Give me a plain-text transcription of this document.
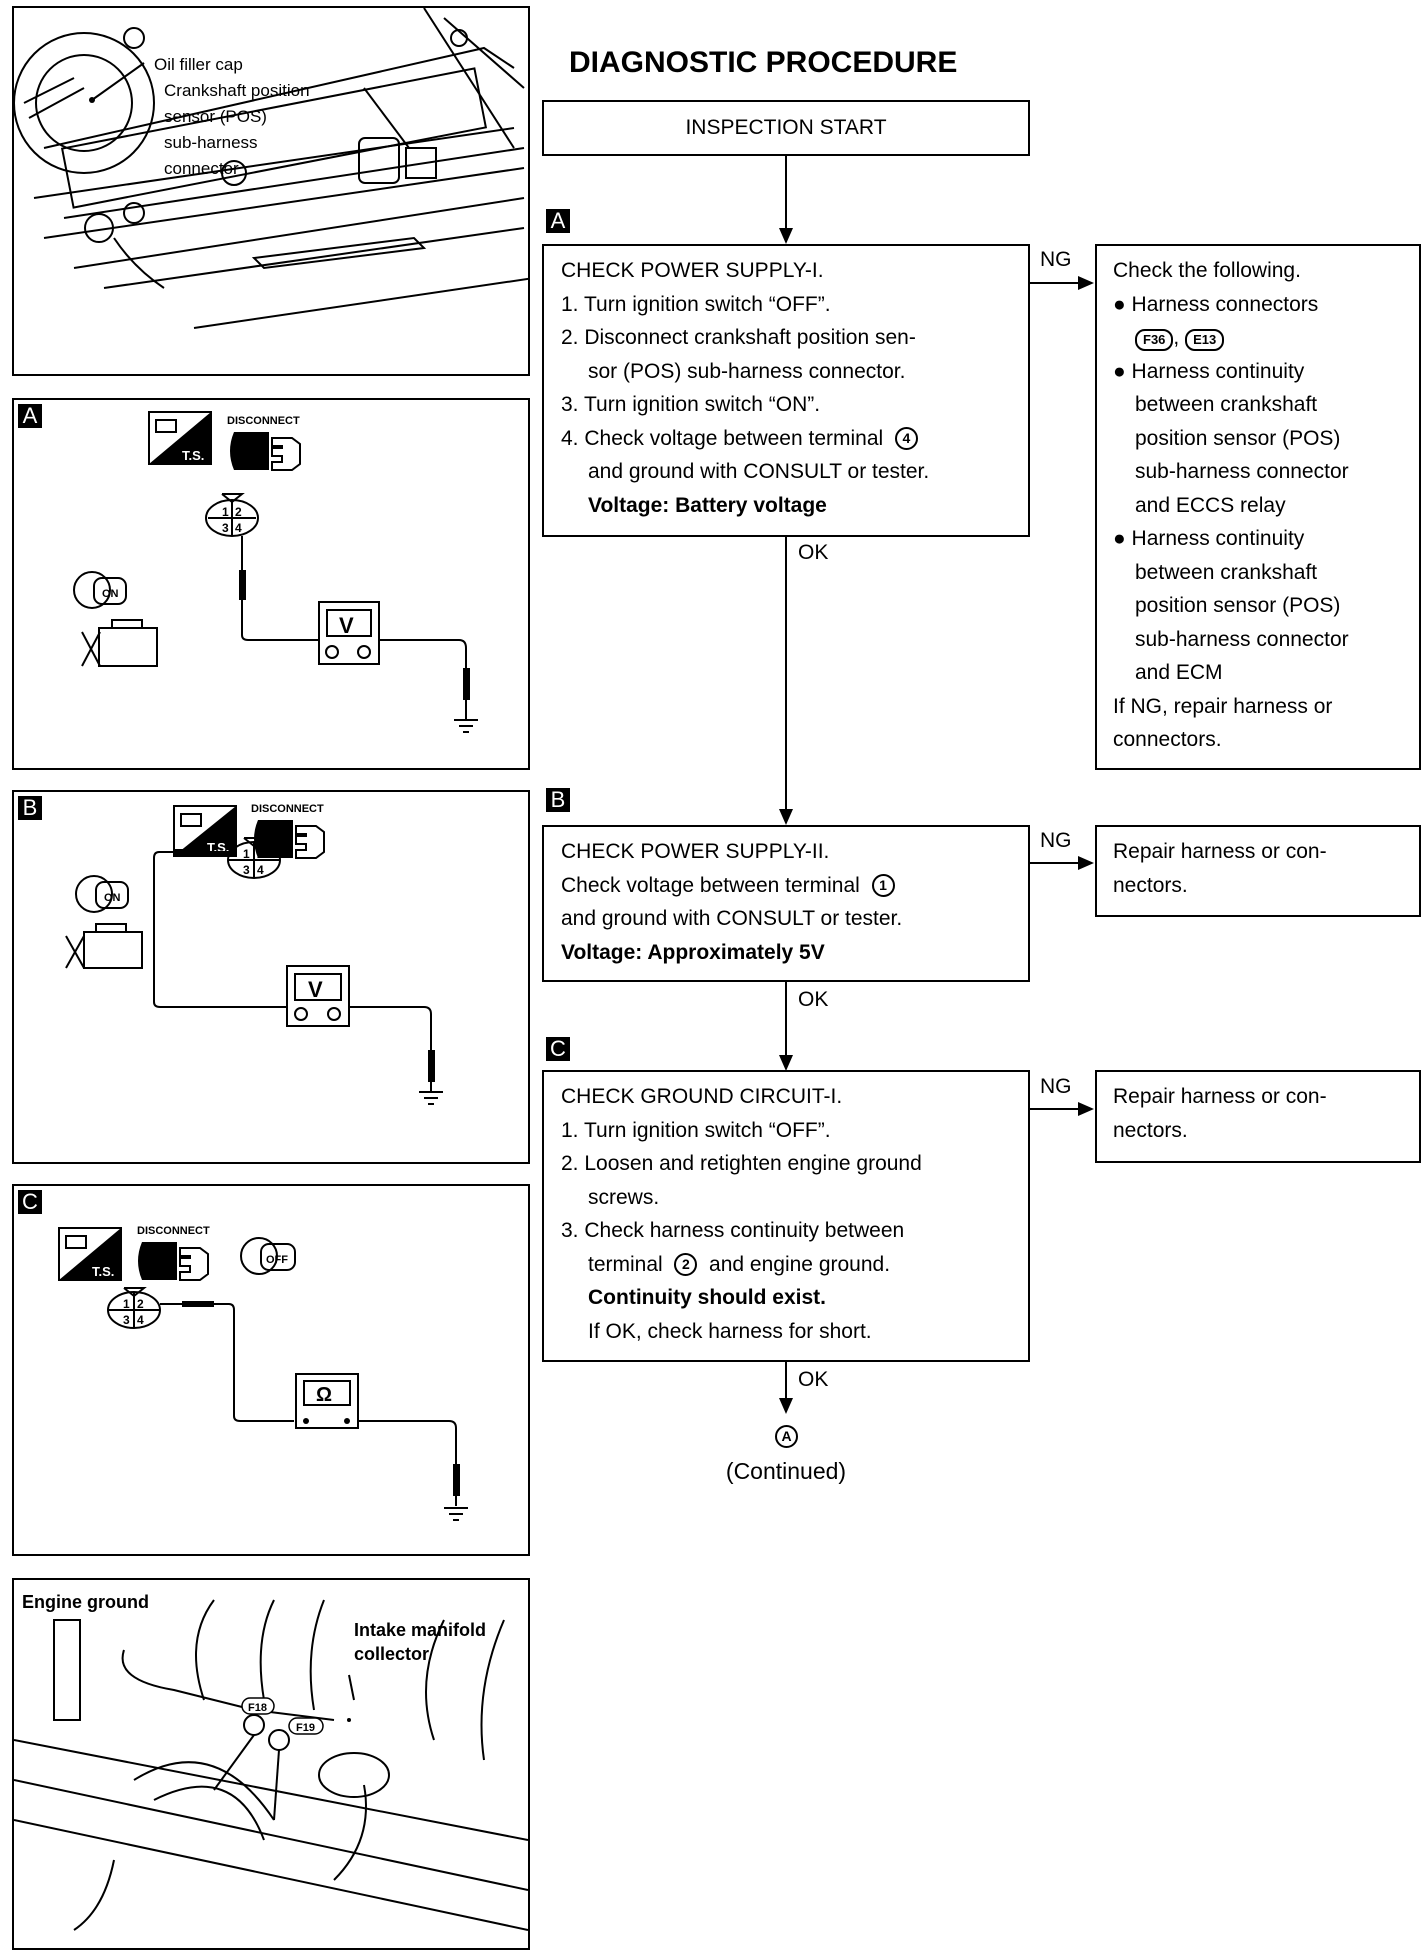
Oil filler cap
Crankshaft position
sensor (POS)
sub-harness
connector
A
T.S.
DISCONNECT
1 2
3 4
V
ON
B
T.S.
DISCONNECT
1 2
3 4
V
ON
C
T.S.
DISCONNECT
OFF
1 2
3 4
Ω
F18
F19
Engine ground
Intake manifold
collector
DIAGNOSTIC PROCEDURE
INSPECTION START
A
CHECK POWER SUPPLY-I.
1. Turn ignition switch “OFF”.
2. Disconnect crankshaft position sen-
sor (POS) sub-harness connector.
3. Turn ignition switch “ON”.
4. Check voltage between terminal 4
and ground with CONSULT or tester.
Voltage: Battery voltage
NG Check the following.
● Harness connectors
F36 , E13
● Harness continuity
between crankshaft
position sensor (POS)
sub-harness connector
and ECCS relay
● Harness continuity
between crankshaft
position sensor (POS)
sub-harness connector
and ECM
If NG, repair harness or
connectors.
OK
B
CHECK POWER SUPPLY-II.
Check voltage between terminal 1
and ground with CONSULT or tester.
Voltage: Approximately 5V
NG Repair harness or con-
nectors.
OK
C
CHECK GROUND CIRCUIT-I.
1. Turn ignition switch “OFF”.
2. Loosen and retighten engine ground
screws.
3. Check harness continuity between
terminal 2 and engine ground.
Continuity should exist.
If OK, check harness for short.
NG Repair harness or con-
nectors.
OK
A
(Continued)
